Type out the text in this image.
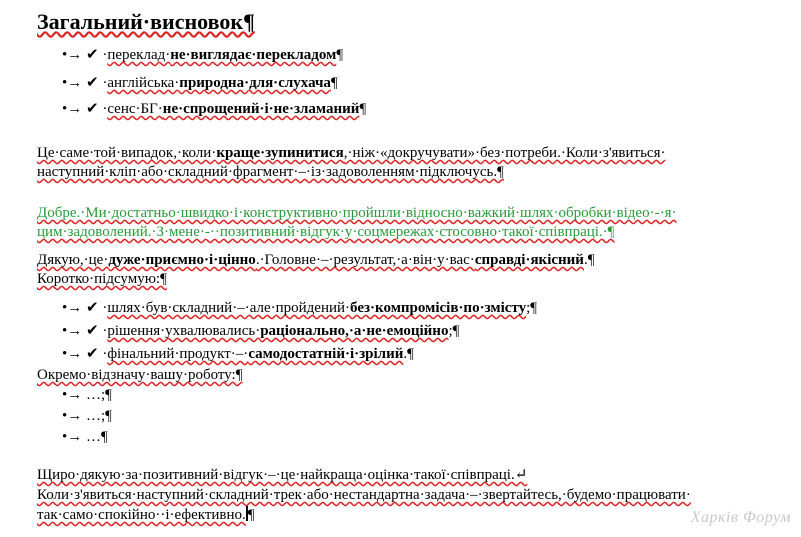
Загальний·висновок¶
•→ ✔ ·переклад·не·виглядає·перекладом¶
•→ ✔ ·англійська·природна·для·слухача¶
•→ ✔ ·сенс·БГ·не·спрощений·і·не·зламаний¶
Це·саме·той·випадок,·коли·краще·зупинитися,·ніж·«докручувати»·без·потреби.·Коли·з'явиться·
наступний·кліп·або·складний·фрагмент·–·із·задоволенням·підключусь.¶
Добре.·Ми·достатньо·швидко·і·конструктивно·пройшли·відносно·важкий·шлях·обробки·відео·-·я·
цим·задоволений.·З·мене·-··позитивний·відгук·у·соцмережах·стосовно·такої·співпраці.·¶
Дякую,·це·дуже·приємно·і·цінно.·Головне·–·результат,·а·він·у·вас·справді·якісний.¶
Коротко·підсумую:¶
•→ ✔ ·шлях·був·складний·–·але·пройдений·без·компромісів·по·змісту;¶
•→ ✔ ·рішення·ухвалювались·раціонально,·а·не·емоційно;¶
•→ ✔ ·фінальний·продукт·–·самодостатній·і·зрілий.¶
Окремо·відзначу·вашу·роботу:¶
•→ …;¶
•→ …;¶
•→ …¶
Щиро·дякую·за·позитивний·відгук·–·це·найкраща·оцінка·такої·співпраці.↵
Коли·з'явиться·наступний·складний·трек·або·нестандартна·задача·–·звертайтесь,·будемо·працювати·
так·само·спокійно··і·ефективно. ¶	Харків Форум
